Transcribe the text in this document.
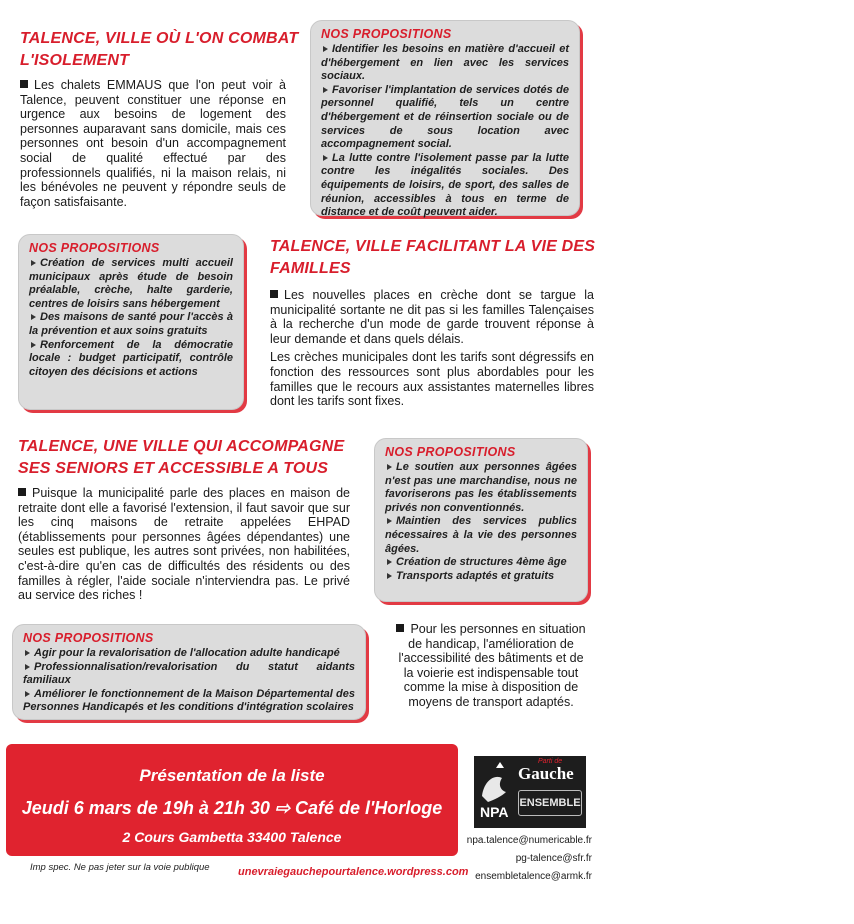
TALENCE, VILLE OÙ L'ON COMBAT
L'ISOLEMENT

Les chalets EMMAUS que l'on peut voir à Talence, peuvent constituer une réponse en urgence aux besoins de logement des personnes auparavant sans domicile, mais ces personnes ont besoin d'un accompagnement social de qualité effectué par des professionnels qualifiés, ni la maison relais, ni les bénévoles ne peuvent y répondre seuls de façon satisfaisante.

NOS PROPOSITIONS
Identifier les besoins en matière d'accueil et d'hébergement en lien avec les services sociaux.
Favoriser l'implantation de services dotés de personnel qualifié, tels un centre d'hébergement et de réinsertion sociale ou de services de sous location avec accompagnement social.
La lutte contre l'isolement passe par la lutte contre les inégalités sociales. Des équipements de loisirs, de sport, des salles de réunion, accessibles à tous en terme de distance et de coût peuvent aider.
NOS PROPOSITIONS
Création de services multi accueil municipaux après étude de besoin préalable, crèche, halte garderie, centres de loisirs sans hébergement
Des maisons de santé pour l'accès à la prévention et aux soins gratuits
Renforcement de la démocratie locale : budget participatif, contrôle citoyen des décisions et actions
TALENCE, VILLE FACILITANT LA VIE DES
FAMILLES

Les nouvelles places en crèche dont se targue la municipalité sortante ne dit pas si les familles Talençaises à la recherche d'un mode de garde trouvent réponse à leur demande et dans quels délais.

Les crèches municipales dont les tarifs sont dégressifs en fonction des ressources sont plus abordables pour les familles que le recours aux assistantes maternelles libres dont les tarifs sont fixes.

TALENCE, UNE VILLE QUI ACCOMPAGNE
SES SENIORS ET ACCESSIBLE A TOUS

Puisque la municipalité parle des places en maison de retraite dont elle a favorisé l'extension, il faut savoir que sur les cinq maisons de retraite appelées EHPAD (établissements pour personnes âgées dépendantes) une seules est publique, les autres sont privées, non habilitées, c'est-à-dire qu'en cas de difficultés des résidents ou des familles à régler, l'aide sociale n'interviendra pas. Le privé au service des riches !

NOS PROPOSITIONS
Le soutien aux personnes âgées n'est pas une marchandise, nous ne favoriserons pas les établissements privés non conventionnés.
Maintien des services publics nécessaires à la vie des personnes âgées.
Création de structures 4ème âge
Transports adaptés et gratuits
NOS PROPOSITIONS
Agir pour la revalorisation de l'allocation adulte handicapé
Professionnalisation/revalorisation du statut aidants familiaux
Améliorer le fonctionnement de la Maison Départemental des Personnes Handicapés et les conditions d'intégration scolaires

Pour les personnes en situation de handicap, l'amélioration de l'accessibilité des bâtiments et de la voierie est indispensable tout comme la mise à disposition de moyens de transport adaptés.

Présentation de la liste
Jeudi 6 mars de 19h à 21h 30 ⇨ Café de l'Horloge
2 Cours Gambetta 33400 Talence
Imp spec. Ne pas jeter sur la voie publique	unevraiegauchepourtalence.wordpress.com
Parti de
Gauche
NPA
ENSEMBLE
npa.talence@numericable.fr
pg-talence@sfr.fr
ensembletalence@armk.fr
